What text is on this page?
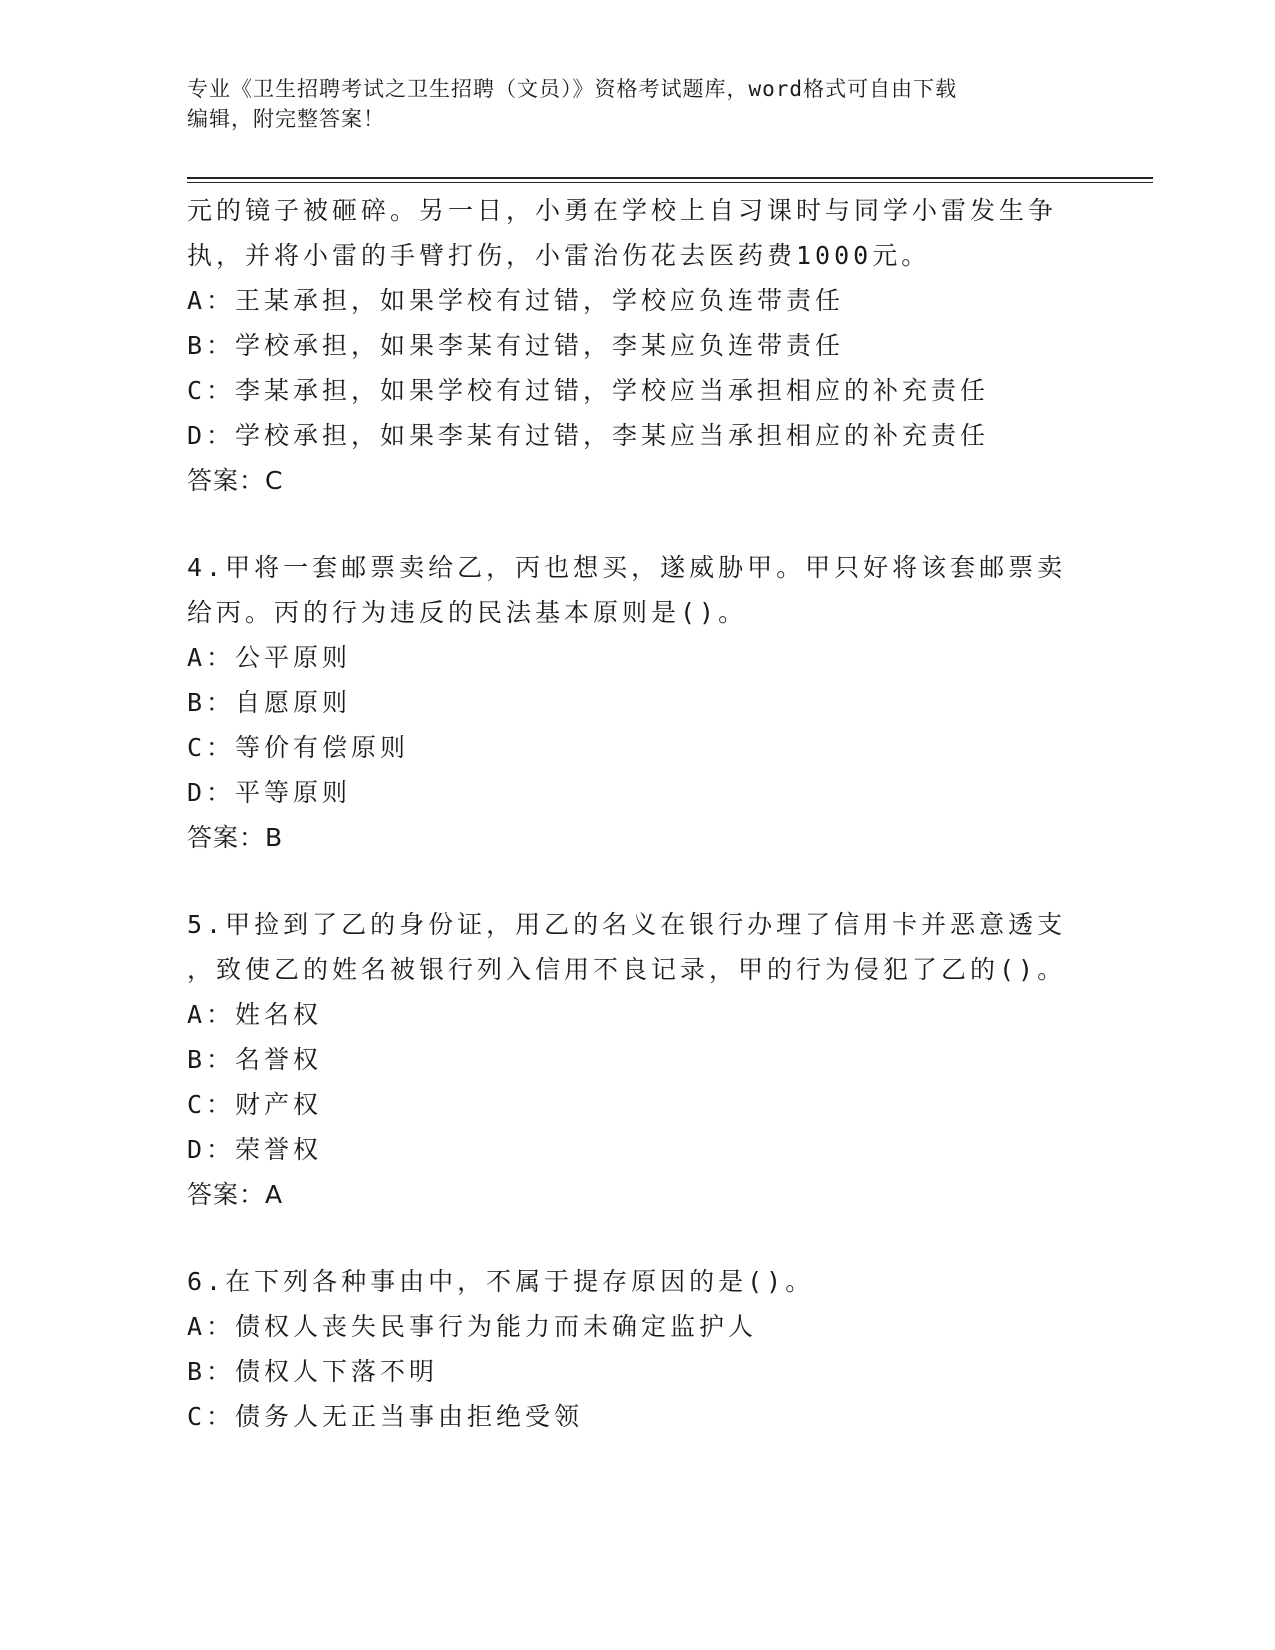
专业《卫生招聘考试之卫生招聘（文员）》资格考试题库，word格式可自由下载
编辑，附完整答案！
元的镜子被砸碎。另一日，小勇在学校上自习课时与同学小雷发生争
执，并将小雷的手臂打伤，小雷治伤花去医药费1000元。
A：王某承担，如果学校有过错，学校应负连带责任
B：学校承担，如果李某有过错，李某应负连带责任
C：李某承担，如果学校有过错，学校应当承担相应的补充责任
D：学校承担，如果李某有过错，李某应当承担相应的补充责任
答案：C
4.甲将一套邮票卖给乙，丙也想买，遂威胁甲。甲只好将该套邮票卖
给丙。丙的行为违反的民法基本原则是()。
A：公平原则
B：自愿原则
C：等价有偿原则
D：平等原则
答案：B
5.甲捡到了乙的身份证，用乙的名义在银行办理了信用卡并恶意透支
，致使乙的姓名被银行列入信用不良记录，甲的行为侵犯了乙的()。
A：姓名权
B：名誉权
C：财产权
D：荣誉权
答案：A
6.在下列各种事由中，不属于提存原因的是()。
A：债权人丧失民事行为能力而未确定监护人
B：债权人下落不明
C：债务人无正当事由拒绝受领
